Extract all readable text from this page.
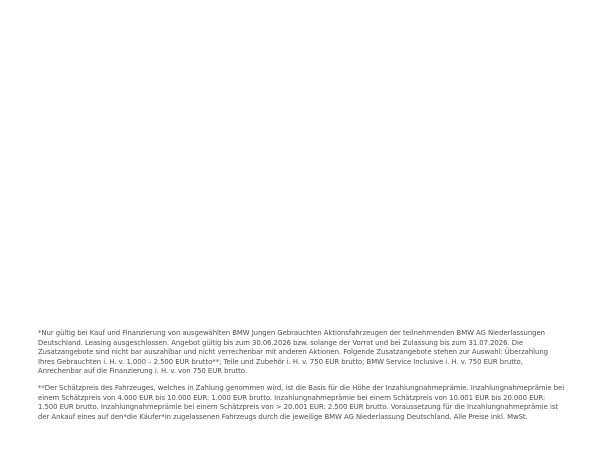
*Nur gültig bei Kauf und Finanzierung von ausgewählten BMW Jungen Gebrauchten Aktionsfahrzeugen der teilnehmenden BMW AG Niederlassungen Deutschland. Leasing ausgeschlossen. Angebot gültig bis zum 30.06.2026 bzw. solange der Vorrat und bei Zulassung bis zum 31.07.2026. Die Zusatzangebote sind nicht bar auszahlbar und nicht verrechenbar mit anderen Aktionen. Folgende Zusatzangebote stehen zur Auswahl: Überzahlung Ihres Gebrauchten i. H. v. 1.000 – 2.500 EUR brutto**; Teile und Zubehör i. H. v. 750 EUR brutto; BMW Service Inclusive i. H. v. 750 EUR brutto, Anrechenbar auf die Finanzierung i. H. v. von 750 EUR brutto.

**Der Schätzpreis des Fahrzeuges, welches in Zahlung genommen wird, ist die Basis für die Höhe der Inzahlungnahmeprämie. Inzahlungnahmeprämie bei einem Schätzpreis von 4.000 EUR bis 10.000 EUR: 1.000 EUR brutto. Inzahlungnahmeprämie bei einem Schätzpreis von 10.001 EUR bis 20.000 EUR: 1.500 EUR brutto. Inzahlungnahmeprämie bei einem Schätzpreis von > 20.001 EUR: 2.500 EUR brutto. Voraussetzung für die Inzahlungnahmeprämie ist der Ankauf eines auf den*die Käufer*in zugelassenen Fahrzeugs durch die jeweilige BMW AG Niederlassung Deutschland. Alle Preise inkl. MwSt.
